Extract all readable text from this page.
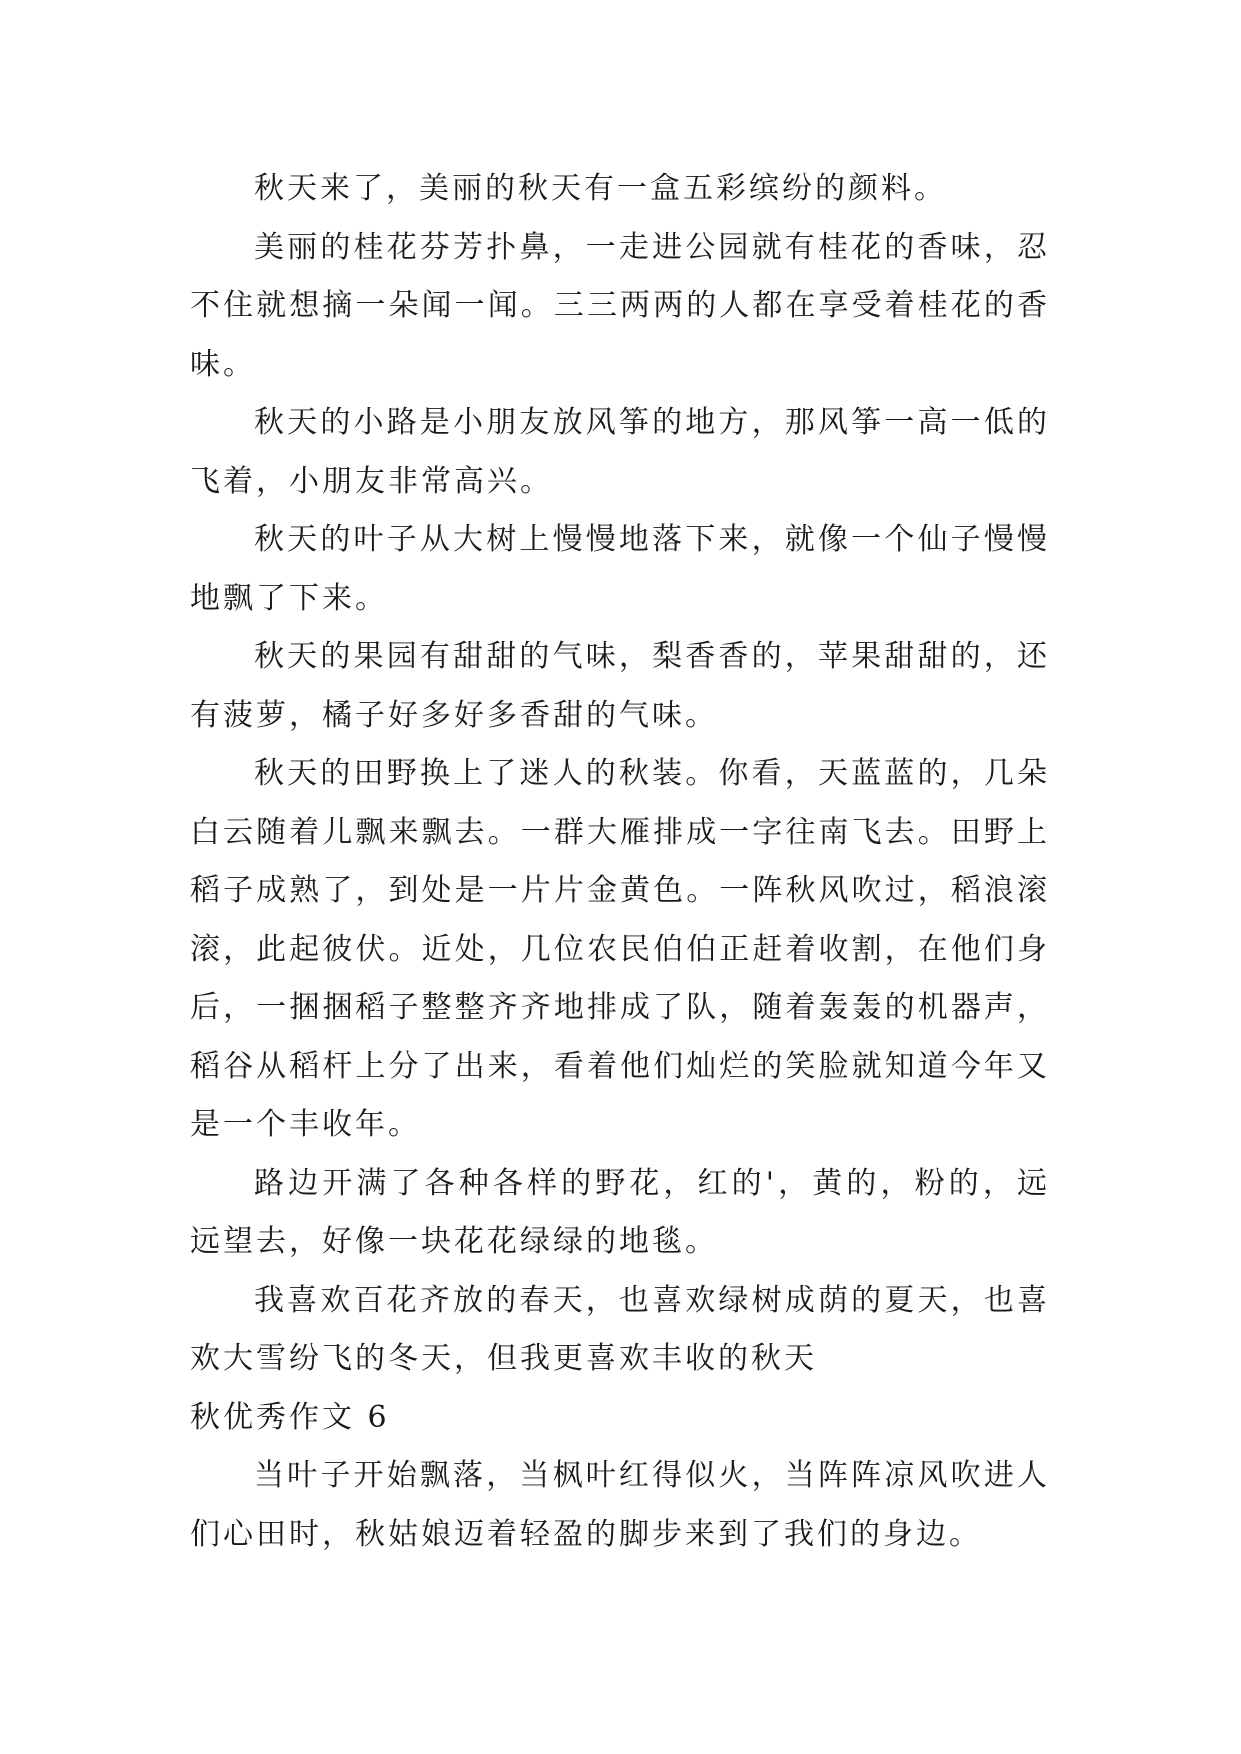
秋天来了，美丽的秋天有一盒五彩缤纷的颜料。

美丽的桂花芬芳扑鼻，一走进公园就有桂花的香味，忍不住就想摘一朵闻一闻。三三两两的人都在享受着桂花的香味。

秋天的小路是小朋友放风筝的地方，那风筝一高一低的飞着，小朋友非常高兴。

秋天的叶子从大树上慢慢地落下来，就像一个仙子慢慢地飘了下来。

秋天的果园有甜甜的气味，梨香香的，苹果甜甜的，还有菠萝，橘子好多好多香甜的气味。

秋天的田野换上了迷人的秋装。你看，天蓝蓝的，几朵白云随着儿飘来飘去。一群大雁排成一字往南飞去。田野上稻子成熟了，到处是一片片金黄色。一阵秋风吹过，稻浪滚滚，此起彼伏。近处，几位农民伯伯正赶着收割，在他们身后，一捆捆稻子整整齐齐地排成了队，随着轰轰的机器声，稻谷从稻杆上分了出来，看着他们灿烂的笑脸就知道今年又是一个丰收年。

路边开满了各种各样的野花，红的'，黄的，粉的，远远望去，好像一块花花绿绿的地毯。

我喜欢百花齐放的春天，也喜欢绿树成荫的夏天，也喜欢大雪纷飞的冬天，但我更喜欢丰收的秋天

秋优秀作文 6

当叶子开始飘落，当枫叶红得似火，当阵阵凉风吹进人们心田时，秋姑娘迈着轻盈的脚步来到了我们的身边。
